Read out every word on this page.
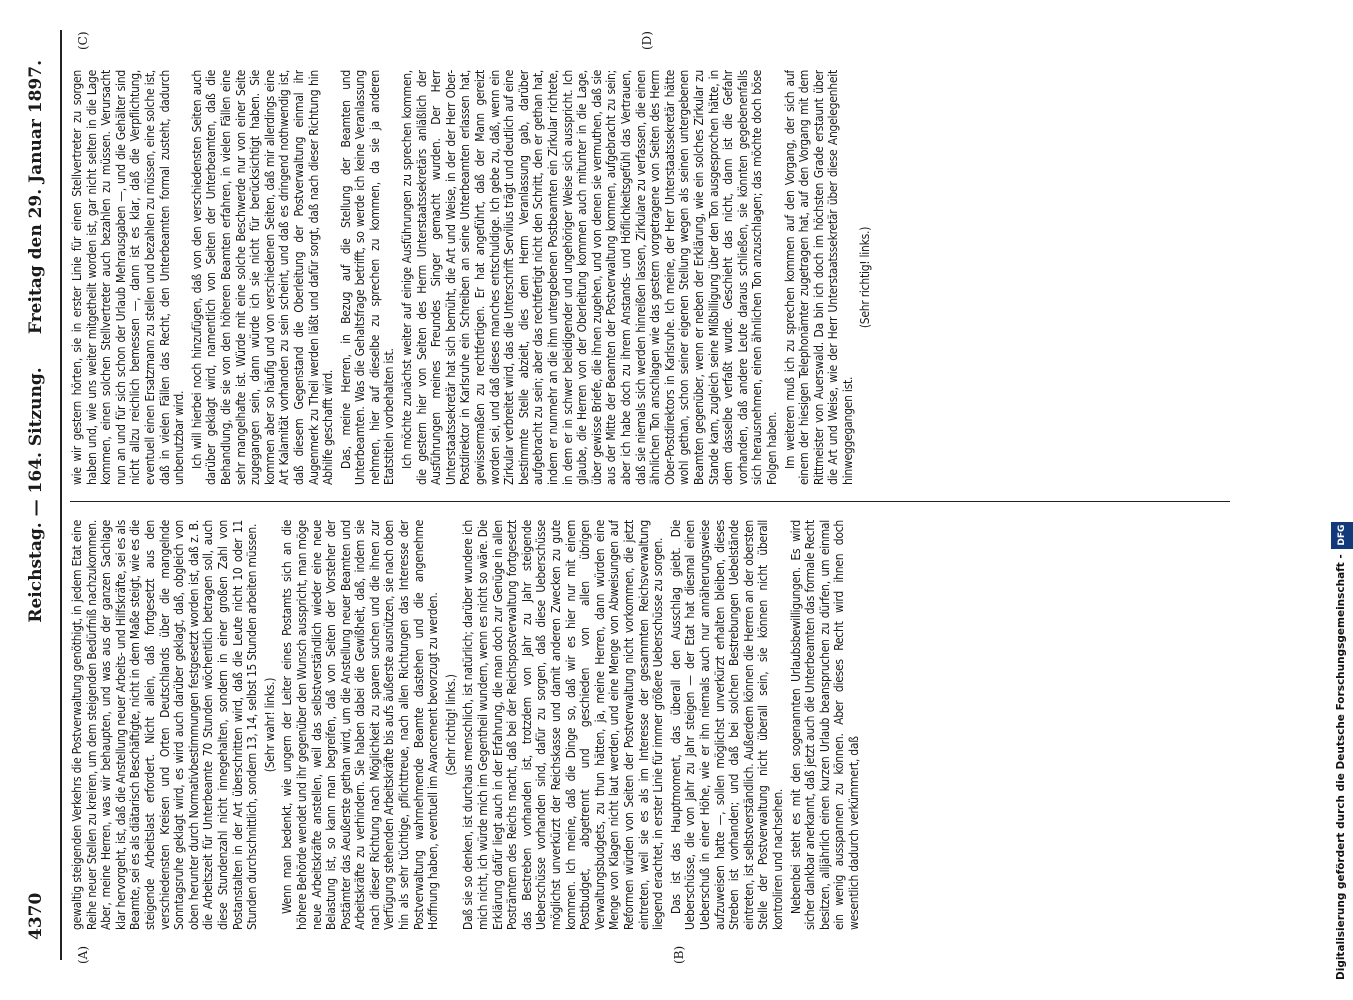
4370
Reichstag. — 164. Sitzung.
Freitag den 29. Januar 1897.
(A)	(B)
(C)	(D)

gewaltig steigenden Verkehrs die Postverwaltung genöthigt, in jedem Etat eine Reihe neuer Stellen zu kreiren, um dem steigenden Bedürfniß nachzukommen. Aber, meine Herren, was wir behaupten, und was aus der ganzen Sachlage klar hervorgeht, ist, daß die Anstellung neuer Arbeits- und Hilfskräfte, sei es als Beamte, sei es als diätarisch Beschäftigte, nicht in dem Maße steigt, wie es die steigende Arbeitslast erfordert. Nicht allein, daß fortgesetzt aus den verschiedensten Kreisen und Orten Deutschlands über die mangelnde Sonntagsruhe geklagt wird, es wird auch darüber geklagt, daß, obgleich von oben herunter durch Normativbestimmungen festgesetzt worden ist, daß z. B. die Arbeitszeit für Unterbeamte 70 Stunden wöchentlich betragen soll, auch diese Stundenzahl nicht innegehalten, sondern in einer großen Zahl von Postanstalten in der Art überschritten wird, daß die Leute nicht 10 oder 11 Stunden durchschnittlich, sondern 13, 14, selbst 15 Stunden arbeiten müssen. (Sehr wahr! links.) Wenn man bedenkt, wie ungern der Leiter eines Postamts sich an die höhere Behörde wendet und ihr gegenüber den Wunsch ausspricht, man möge neue Arbeitskräfte anstellen, weil das selbstverständlich wieder eine neue Belastung ist, so kann man begreifen, daß von Seiten der Vorsteher der Postämter das Aeußerste gethan wird, um die Anstellung neuer Beamten und Arbeitskräfte zu verhindern. Sie haben dabei die Gewißheit, daß, indem sie nach dieser Richtung nach Möglichkeit zu sparen suchen und die ihnen zur Verfügung stehenden Arbeitskräfte bis aufs äußerste ausnützen, sie nach oben hin als sehr tüchtige, pflichttreue, nach allen Richtungen das Interesse der Postverwaltung wahrnehmende Beamte dastehen und die angenehme Hoffnung haben, eventuell im Avancement bevorzugt zu werden. (Sehr richtig! links.) Daß sie so denken, ist durchaus menschlich, ist natürlich; darüber wundere ich mich nicht, ich würde mich im Gegentheil wundern, wenn es nicht so wäre. Die Erklärung dafür liegt auch in der Erfahrung, die man doch zur Genüge in allen Posträmtern des Reichs macht, daß bei der Reichspostverwaltung fortgesetzt das Bestreben vorhanden ist, trotzdem von Jahr zu Jahr steigende Ueberschüsse vorhanden sind, dafür zu sorgen, daß diese Ueberschüsse möglichst unverkürzt der Reichskasse und damit anderen Zwecken zu gute kommen. Ich meine, daß die Dinge so, daß wir es hier nur mit einem Postbudget, abgetrennt und geschieden von allen übrigen Verwaltungsbudgets, zu thun hätten, ja, meine Herren, dann würden eine Menge von Klagen nicht laut werden, und eine Menge von Abweisungen auf Reformen würden von Seiten der Postverwaltung nicht vorkommen, die jetzt eintreten, weil sie es als im Interesse der gesammten Reichsverwaltung liegend erachtet, in erster Linie für immer größere Ueberschüsse zu sorgen. Das ist das Hauptmoment, das überall den Ausschlag giebt. Die Ueberschüsse, die von Jahr zu Jahr steigen — der Etat hat diesmal einen Ueberschuß in einer Höhe, wie er ihn niemals auch nur annäherungsweise aufzuweisen hatte —, sollen möglichst unverkürzt erhalten bleiben, dieses Streben ist vorhanden; und daß bei solchen Bestrebungen Uebelstände eintreten, ist selbstverständlich. Außerdem können die Herren an der obersten Stelle der Postverwaltung nicht überall sein, sie können nicht überall kontroliren und nachsehen. Nebenbei steht es mit den sogenannten Urlaubsbewilligungen. Es wird sicher dankbar anerkannt, daß jetzt auch die Unterbeamten das formale Recht besitzen, alljährlich einen kurzen Urlaub beanspruchen zu dürfen, um einmal ein wenig ausspannen zu können. Aber dieses Recht wird ihnen doch wesentlich dadurch verkümmert, daß

wie wir gestern hörten, sie in erster Linie für einen Stellvertreter zu sorgen haben und, wie uns weiter mitgetheilt worden ist, gar nicht selten in die Lage kommen, einen solchen Stellvertreter auch bezahlen zu müssen. Verursacht nun an und für sich schon der Urlaub Mehrausgaben —, und die Gehälter sind nicht allzu reichlich bemessen —, dann ist es klar, daß die Verpflichtung, eventuell einen Ersatzmann zu stellen und bezahlen zu müssen, eine solche ist, daß in vielen Fällen das Recht, den Unterbeamten formal zusteht, dadurch unbenutzbar wird. Ich will hierbei noch hinzufügen, daß von den verschiedensten Seiten auch darüber geklagt wird, namentlich von Seiten der Unterbeamten, daß die Behandlung, die sie von den höheren Beamten erfahren, in vielen Fällen eine sehr mangelhafte ist. Würde mit eine solche Beschwerde nur von einer Seite zugegangen sein, dann würde ich sie nicht für berücksichtigt haben. Sie kommen aber so häufig und von verschiedenen Seiten, daß mir allerdings eine Art Kalamität vorhanden zu sein scheint, und daß es dringend nothwendig ist, daß diesem Gegenstand die Oberleitung der Postverwaltung einmal ihr Augenmerk zu Theil werden läßt und dafür sorgt, daß nach dieser Richtung hin Abhilfe geschafft wird. Das, meine Herren, in Bezug auf die Stellung der Beamten und Unterbeamten. Was die Gehaltsfrage betrifft, so werde ich keine Veranlassung nehmen, hier auf dieselbe zu sprechen zu kommen, da sie ja anderen Etatstiteln vorbehalten ist. Ich möchte zunächst weiter auf einige Ausführungen zu sprechen kommen, die gestern hier von Seiten des Herrn Unterstaatssekretärs anläßlich der Ausführungen meines Freundes Singer gemacht wurden. Der Herr Unterstaatssekretär hat sich bemüht, die Art und Weise, in der der Herr Ober-Postdirektor in Karlsruhe ein Schreiben an seine Unterbeamten erlassen hat, gewissermaßen zu rechtfertigen. Er hat angeführt, daß der Mann gereizt worden sei, und daß dieses manches entschuldige. Ich gebe zu, daß, wenn ein Zirkular verbreitet wird, das die Unterschrift Servilius trägt und deutlich auf eine bestimmte Stelle abzielt, dies dem Herrn Veranlassung gab, darüber aufgebracht zu sein; aber das rechtfertigt nicht den Schritt, den er gethan hat, indem er nunmehr an die ihm untergebenen Postbeamten ein Zirkular richtete, in dem er in schwer beleidigender und ungehöriger Weise sich ausspricht. Ich glaube, die Herren von der Oberleitung kommen auch mitunter in die Lage, über gewisse Briefe, die ihnen zugehen, und von denen sie vermuthen, daß sie aus der Mitte der Beamten der Postverwaltung kommen, aufgebracht zu sein; aber ich habe doch zu ihrem Anstands- und Höflichkeitsgefühl das Vertrauen, daß sie niemals sich werden hinreißen lassen, Zirkulare zu verfassen, die einen ähnlichen Ton anschlagen wie das gestern vorgetragene von Seiten des Herrn Ober-Postdirektors in Karlsruhe. Ich meine, der Herr Unterstaatssekretär hätte wohl gethan, schon seiner eigenen Stellung wegen als seinen untergebenen Beamten gegenüber, wenn er neben der Erklärung, wie ein solches Zirkular zu Stande kam, zugleich seine Mißbilligung über den Ton ausgesprochen hätte, in dem dasselbe verfaßt wurde. Geschieht das nicht, dann ist die Gefahr vorhanden, daß andere Leute daraus schließen, sie könnten gegebenenfalls sich herausnehmen, einen ähnlichen Ton anzuschlagen; das möchte doch böse Folgen haben. Im weiteren muß ich zu sprechen kommen auf den Vorgang, der sich auf einem der hiesigen Telephonämter zugetragen hat, auf den Vorgang mit dem Rittmeister von Auerswald. Da bin ich doch im höchsten Grade erstaunt über die Art und Weise, wie der Herr Unterstaatssekretär über diese Angelegenheit hinweggegangen ist.

(Sehr richtig! links.)

Digitalisierung gefördert durch die Deutsche Forschungsgemeinschaft - DFG
